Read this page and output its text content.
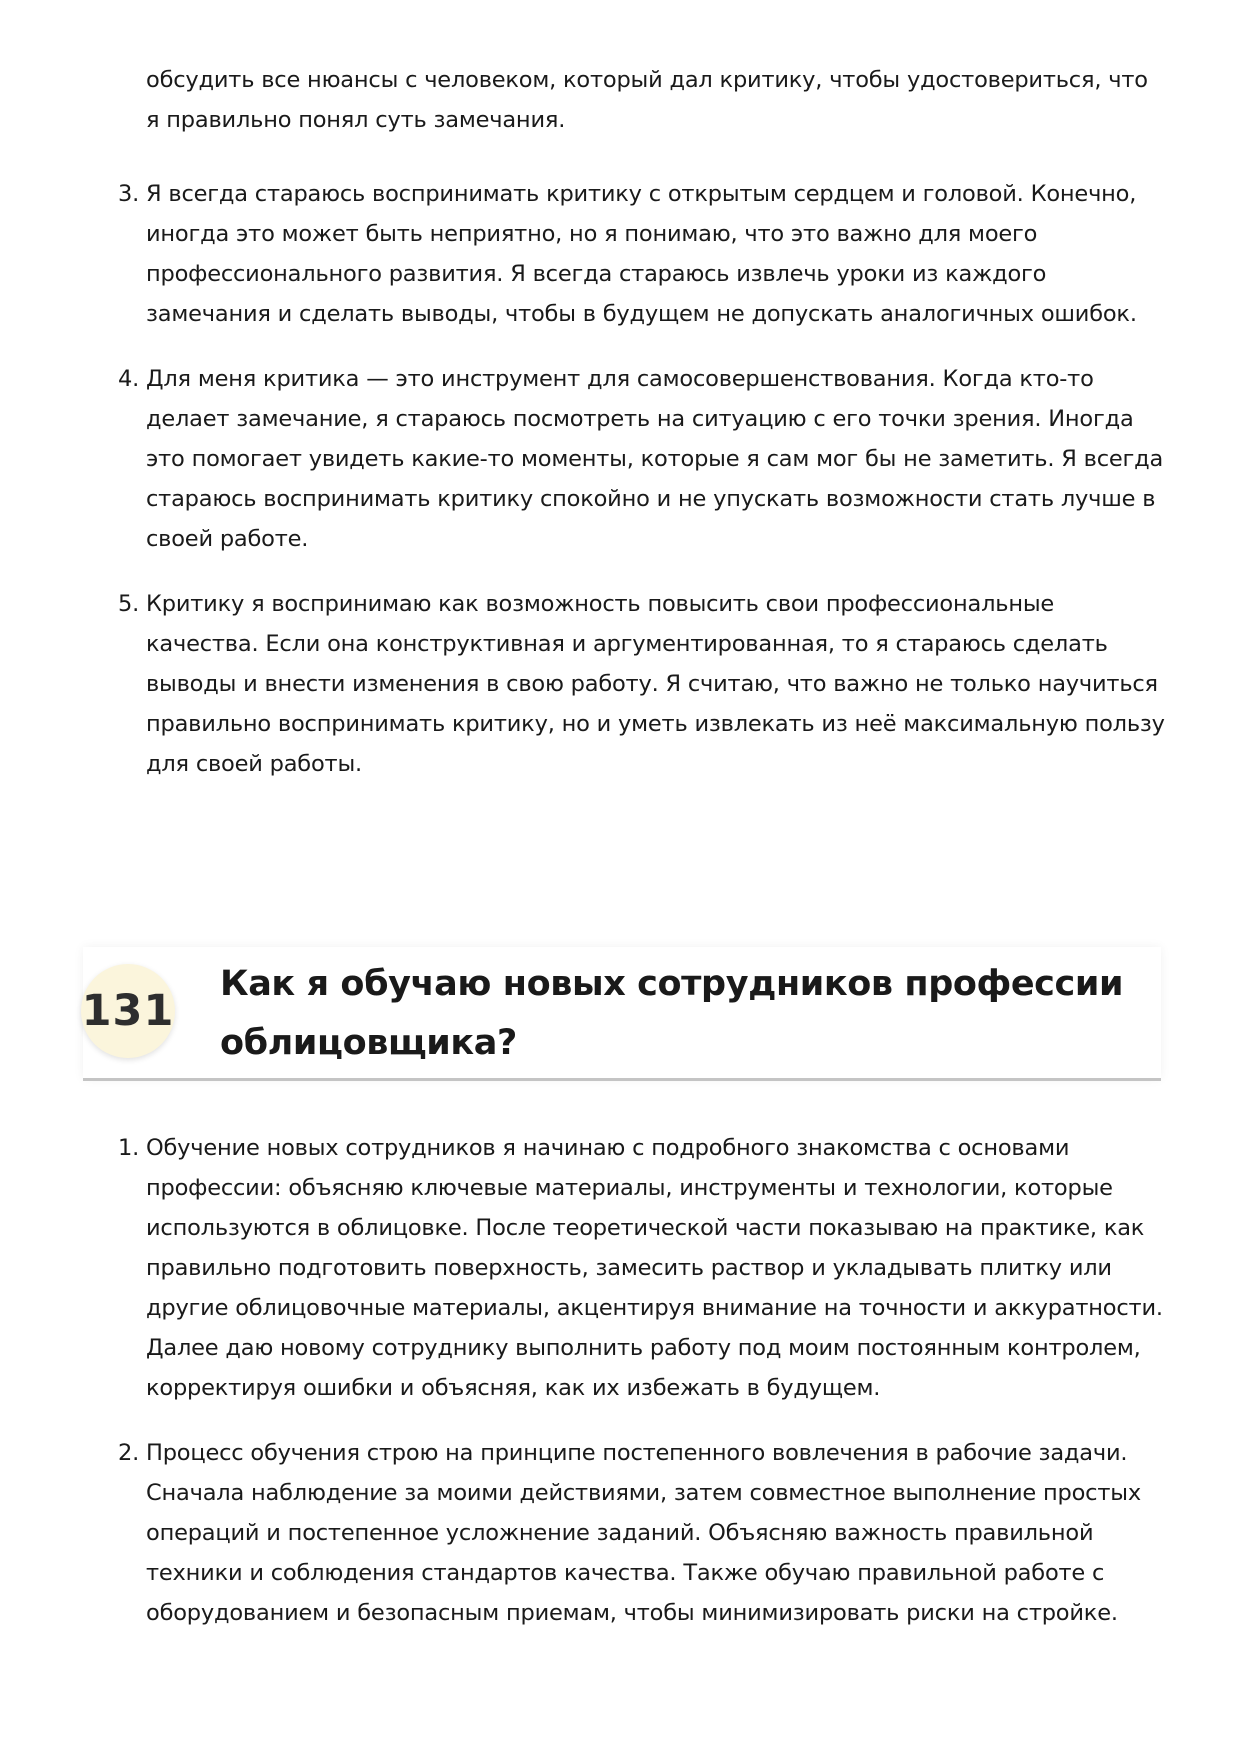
обсудить все нюансы с человеком, который дал критику, чтобы удостовериться, что я правильно понял суть замечания.
3. Я всегда стараюсь воспринимать критику с открытым сердцем и головой. Конечно, иногда это может быть неприятно, но я понимаю, что это важно для моего профессионального развития. Я всегда стараюсь извлечь уроки из каждого замечания и сделать выводы, чтобы в будущем не допускать аналогичных ошибок.
4. Для меня критика — это инструмент для самосовершенствования. Когда кто-то делает замечание, я стараюсь посмотреть на ситуацию с его точки зрения. Иногда это помогает увидеть какие-то моменты, которые я сам мог бы не заметить. Я всегда стараюсь воспринимать критику спокойно и не упускать возможности стать лучше в своей работе.
5. Критику я воспринимаю как возможность повысить свои профессиональные качества. Если она конструктивная и аргументированная, то я стараюсь сделать выводы и внести изменения в свою работу. Я считаю, что важно не только научиться правильно воспринимать критику, но и уметь извлекать из неё максимальную пользу для своей работы.
131
Как я обучаю новых сотрудников профессии облицовщика?
1. Обучение новых сотрудников я начинаю с подробного знакомства с основами профессии: объясняю ключевые материалы, инструменты и технологии, которые используются в облицовке. После теоретической части показываю на практике, как правильно подготовить поверхность, замесить раствор и укладывать плитку или другие облицовочные материалы, акцентируя внимание на точности и аккуратности. Далее даю новому сотруднику выполнить работу под моим постоянным контролем, корректируя ошибки и объясняя, как их избежать в будущем.
2. Процесс обучения строю на принципе постепенного вовлечения в рабочие задачи. Сначала наблюдение за моими действиями, затем совместное выполнение простых операций и постепенное усложнение заданий. Объясняю важность правильной техники и соблюдения стандартов качества. Также обучаю правильной работе с оборудованием и безопасным приемам, чтобы минимизировать риски на стройке.
